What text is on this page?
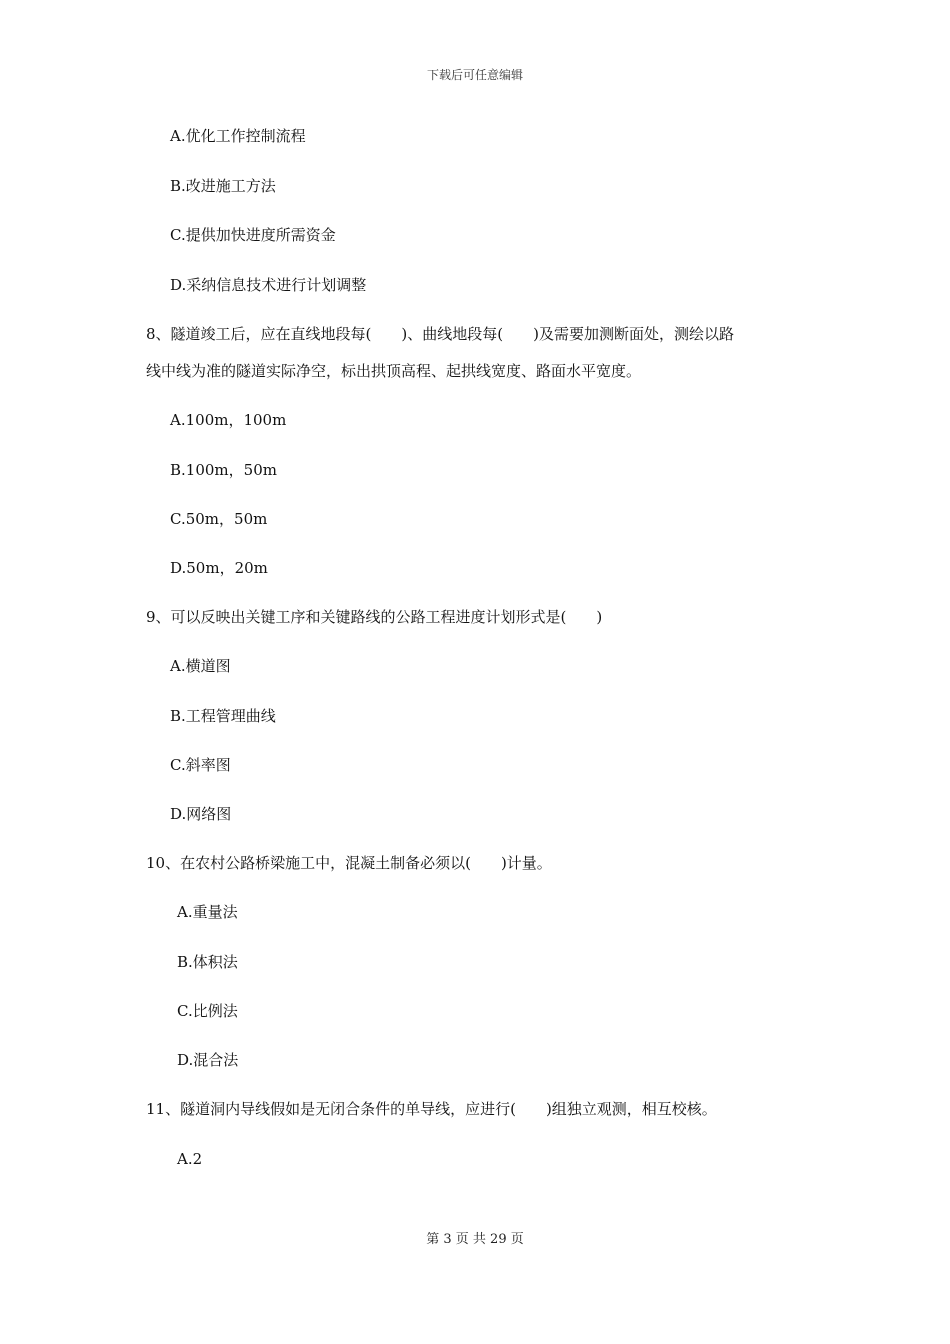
下载后可任意编辑
A.优化工作控制流程
B.改进施工方法
C.提供加快进度所需资金
D.采纳信息技术进行计划调整
8、隧道竣工后，应在直线地段每(　　)、曲线地段每(　　)及需要加测断面处，测绘以路
线中线为准的隧道实际净空，标出拱顶高程、起拱线宽度、路面水平宽度。
A.100m，100m
B.100m，50m
C.50m，50m
D.50m，20m
9、可以反映出关键工序和关键路线的公路工程进度计划形式是(　　)
A.横道图
B.工程管理曲线
C.斜率图
D.网络图
10、在农村公路桥梁施工中，混凝土制备必须以(　　)计量。
A.重量法
B.体积法
C.比例法
D.混合法
11、隧道洞内导线假如是无闭合条件的单导线，应进行(　　)组独立观测，相互校核。
A.2
第 3 页 共 29 页
